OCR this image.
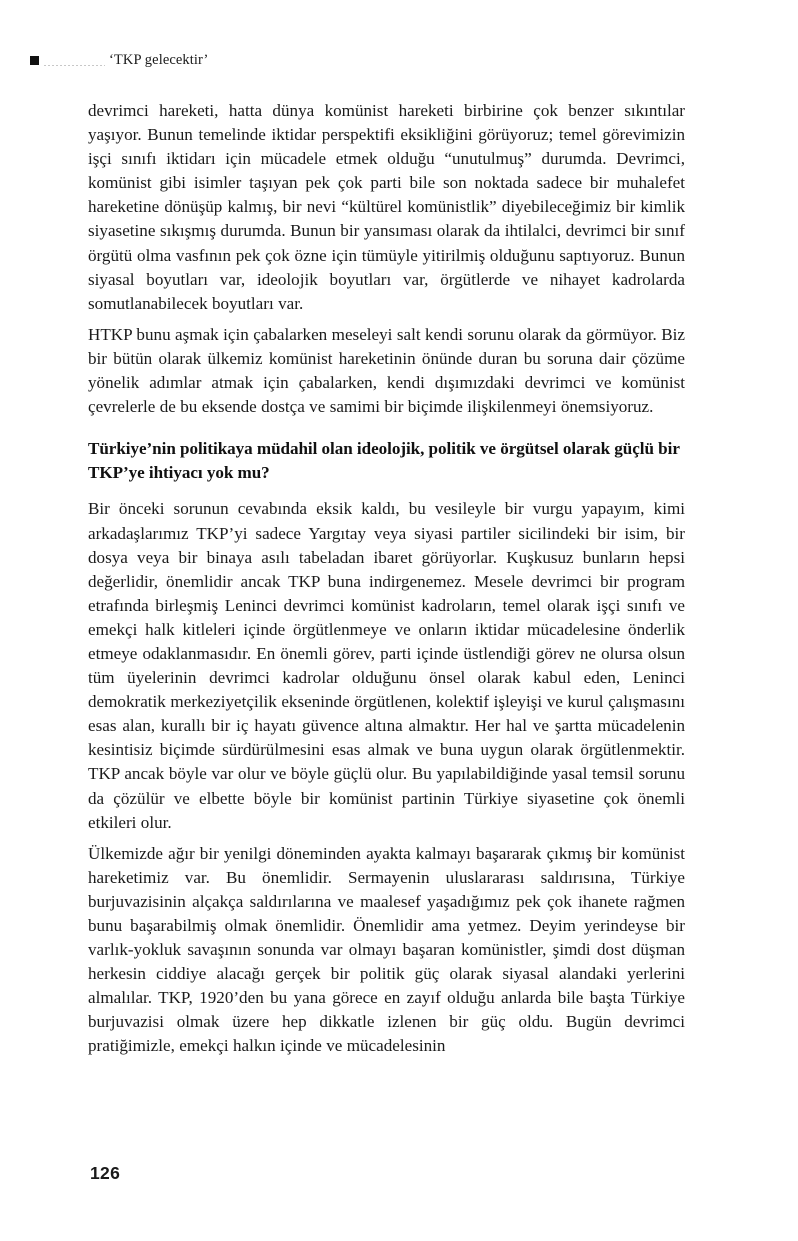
‘TKP gelecektir’

devrimci hareketi, hatta dünya komünist hareketi birbirine çok benzer sıkıntılar yaşıyor. Bunun temelinde iktidar perspektifi eksikliğini görüyoruz; temel görevimizin işçi sınıfı iktidarı için mücadele etmek olduğu “unutulmuş” durumda. Devrimci, komünist gibi isimler taşıyan pek çok parti bile son noktada sadece bir muhalefet hareketine dönüşüp kalmış, bir nevi “kültürel komünistlik” diyebileceğimiz bir kimlik siyasetine sıkışmış durumda. Bunun bir yansıması olarak da ihtilalci, devrimci bir sınıf örgütü olma vasfının pek çok özne için tümüyle yitirilmiş olduğunu saptıyoruz. Bunun siyasal boyutları var, ideolojik boyutları var, örgütlerde ve nihayet kadrolarda somutlanabilecek boyutları var.

HTKP bunu aşmak için çabalarken meseleyi salt kendi sorunu olarak da görmüyor. Biz bir bütün olarak ülkemiz komünist hareketinin önünde duran bu soruna dair çözüme yönelik adımlar atmak için çabalarken, kendi dışımızdaki devrimci ve komünist çevrelerle de bu eksende dostça ve samimi bir biçimde ilişkilenmeyi önemsiyoruz.

Türkiye’nin politikaya müdahil olan ideolojik, politik ve örgütsel olarak güçlü bir TKP’ye ihtiyacı yok mu?

Bir önceki sorunun cevabında eksik kaldı, bu vesileyle bir vurgu yapayım, kimi arkadaşlarımız TKP’yi sadece Yargıtay veya siyasi partiler sicilindeki bir isim, bir dosya veya bir binaya asılı tabeladan ibaret görüyorlar. Kuşkusuz bunların hepsi değerlidir, önemlidir ancak TKP buna indirgenemez. Mesele devrimci bir program etrafında birleşmiş Leninci devrimci komünist kadroların, temel olarak işçi sınıfı ve emekçi halk kitleleri içinde örgütlenmeye ve onların iktidar mücadelesine önderlik etmeye odaklanmasıdır. En önemli görev, parti içinde üstlendiği görev ne olursa olsun tüm üyelerinin devrimci kadrolar olduğunu önsel olarak kabul eden, Leninci demokratik merkeziyetçilik ekseninde örgütlenen, kolektif işleyişi ve kurul çalışmasını esas alan, kurallı bir iç hayatı güvence altına almaktır. Her hal ve şartta mücadelenin kesintisiz biçimde sürdürülmesini esas almak ve buna uygun olarak örgütlenmektir. TKP ancak böyle var olur ve böyle güçlü olur. Bu yapılabildiğinde yasal temsil sorunu da çözülür ve elbette böyle bir komünist partinin Türkiye siyasetine çok önemli etkileri olur.

Ülkemizde ağır bir yenilgi döneminden ayakta kalmayı başararak çıkmış bir komünist hareketimiz var. Bu önemlidir. Sermayenin uluslararası saldırısına, Türkiye burjuvazisinin alçakça saldırılarına ve maalesef yaşadığımız pek çok ihanete rağmen bunu başarabilmiş olmak önemlidir. Önemlidir ama yetmez. Deyim yerindeyse bir varlık-yokluk savaşının sonunda var olmayı başaran komünistler, şimdi dost düşman herkesin ciddiye alacağı gerçek bir politik güç olarak siyasal alandaki yerlerini almalılar. TKP, 1920’den bu yana görece en zayıf olduğu anlarda bile başta Türkiye burjuvazisi olmak üzere hep dikkatle izlenen bir güç oldu. Bugün devrimci pratiğimizle, emekçi halkın içinde ve mücadelesinin

126
